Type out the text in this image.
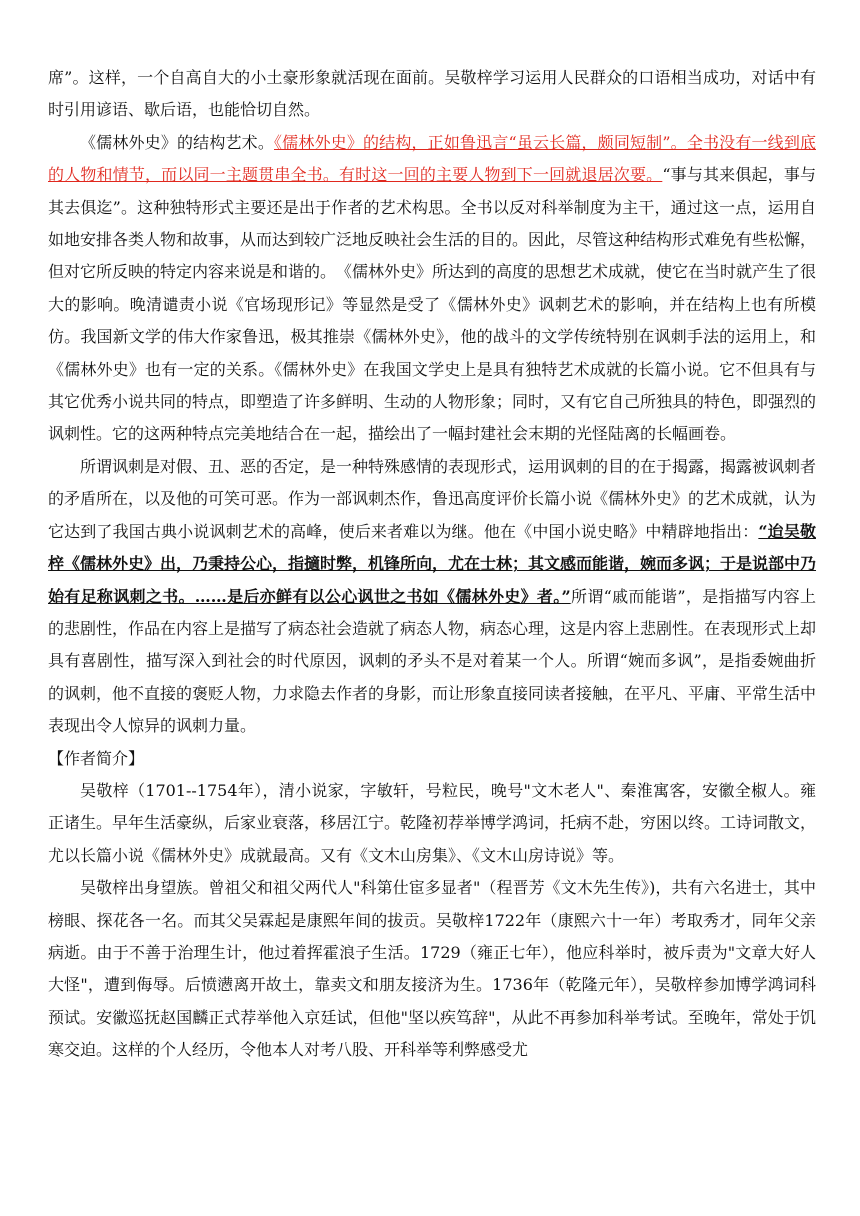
席”。这样，一个自高自大的小土豪形象就活现在面前。吴敬梓学习运用人民群众的口语相当成功，对话中有时引用谚语、歇后语，也能恰切自然。

《儒林外史》的结构艺术。《儒林外史》的结构，正如鲁迅言“虽云长篇，颇同短制”。全书没有一线到底的人物和情节，而以同一主题贯串全书。有时这一回的主要人物到下一回就退居次要。“事与其来俱起，事与其去俱迄”。这种独特形式主要还是出于作者的艺术构思。全书以反对科举制度为主干，通过这一点，运用自如地安排各类人物和故事，从而达到较广泛地反映社会生活的目的。因此，尽管这种结构形式难免有些松懈，但对它所反映的特定内容来说是和谐的。　《儒林外史》所达到的高度的思想艺术成就，使它在当时就产生了很大的影响。晚清谴责小说《官场现形记》等显然是受了《儒林外史》讽刺艺术的影响，并在结构上也有所模仿。我国新文学的伟大作家鲁迅，极其推崇《儒林外史》，他的战斗的文学传统特别在讽刺手法的运用上，和《儒林外史》也有一定的关系。《儒林外史》在我国文学史上是具有独特艺术成就的长篇小说。它不但具有与其它优秀小说共同的特点，即塑造了许多鲜明、生动的人物形象；同时，又有它自己所独具的特色，即强烈的讽刺性。它的这两种特点完美地结合在一起，描绘出了一幅封建社会末期的光怪陆离的长幅画卷。

所谓讽刺是对假、丑、恶的否定，是一种特殊感情的表现形式，运用讽刺的目的在于揭露，揭露被讽刺者的矛盾所在，以及他的可笑可恶。作为一部讽刺杰作，鲁迅高度评价长篇小说《儒林外史》的艺术成就，认为它达到了我国古典小说讽刺艺术的高峰，使后来者难以为继。他在《中国小说史略》中精辟地指出：“迨吴敬梓《儒林外史》出，乃秉持公心，指擿时弊，机锋所向，尤在士林；其文感而能谐，婉而多讽；于是说部中乃始有足称讽刺之书。……是后亦鲜有以公心讽世之书如《儒林外史》者。”所谓“戚而能谐”，是指描写内容上的悲剧性，作品在内容上是描写了病态社会造就了病态人物，病态心理，这是内容上悲剧性。在表现形式上却具有喜剧性，描写深入到社会的时代原因，讽刺的矛头不是对着某一个人。所谓“婉而多讽”，是指委婉曲折的讽刺，他不直接的褒贬人物，力求隐去作者的身影，而让形象直接同读者接触，在平凡、平庸、平常生活中表现出令人惊异的讽刺力量。

【作者简介】

吴敬梓（1701--1754年），清小说家，字敏轩，号粒民，晚号"文木老人"、秦淮寓客，安徽全椒人。雍正诸生。早年生活豪纵，后家业衰落，移居江宁。乾隆初荐举博学鸿词，托病不赴，穷困以终。工诗词散文，尤以长篇小说《儒林外史》成就最高。又有《文木山房集》、《文木山房诗说》等。

吴敬梓出身望族。曾祖父和祖父两代人"科第仕宦多显者"（程晋芳《文木先生传》)，共有六名进士，其中榜眼、探花各一名。而其父吴霖起是康熙年间的拔贡。吴敬梓1722年（康熙六十一年）考取秀才，同年父亲病逝。由于不善于治理生计，他过着挥霍浪子生活。1729（雍正七年），他应科举时，被斥责为"文章大好人大怪"，遭到侮辱。后愤懑离开故土，靠卖文和朋友接济为生。1736年（乾隆元年），吴敬梓参加博学鸿词科预试。安徽巡抚赵国麟正式荐举他入京廷试，但他"坚以疾笃辞"，从此不再参加科举考试。至晚年，常处于饥寒交迫。这样的个人经历，令他本人对考八股、开科举等利弊感受尤
